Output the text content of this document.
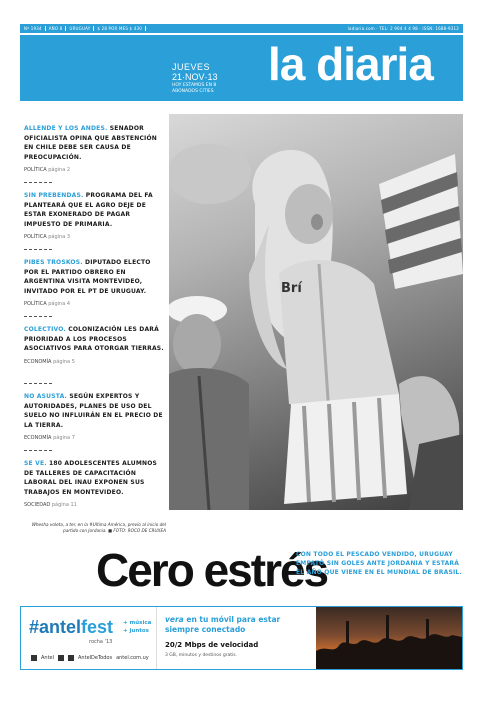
Nº 1934	AÑO 8	URUGUAY	$ 28 POR MES $ 430	ladiaria.com · TEL: 2 904 4 4 98 · ISSN: 1688-9312
JUEVES
21·NOV·13
HOY ESTAMOS EN 8 ABONADOS CITIES
la diaria
ALLENDE Y LOS ANDES. SENADOR OFICIALISTA OPINA QUE ABSTENCIÓN EN CHILE DEBE SER CAUSA DE PREOCUPACIÓN.
POLÍTICA página 2
SIN PREBENDAS. PROGRAMA DEL FA PLANTEARÁ QUE EL AGRO DEJE DE ESTAR EXONERADO DE PAGAR IMPUESTO DE PRIMARIA.
POLÍTICA página 3
PIBES TROSKOS. DIPUTADO ELECTO POR EL PARTIDO OBRERO EN ARGENTINA VISITA MONTEVIDEO, INVITADO POR EL PT DE URUGUAY.
POLÍTICA página 4
COLECTIVO. COLONIZACIÓN LES DARÁ PRIORIDAD A LOS PROCESOS ASOCIATIVOS PARA OTORGAR TIERRAS.
ECONOMÍA página 5
NO ASUSTA. SEGÚN EXPERTOS Y AUTORIDADES, PLANES DE USO DEL SUELO NO INFLUIRÁN EN EL PRECIO DE LA TIERRA.
ECONOMÍA página 7
SE VE. 180 ADOLESCENTES ALUMNOS DE TALLERES DE CAPACITACIÓN LABORAL DEL INAU EXPONEN SUS TRABAJOS EN MONTEVIDEO.
SOCIEDAD página 11
Brí
Whesha voleta, a ter, en la #Ultima América, previo al inicio del partido con Jordania. ■ FOTO: ROCO DE CRUXEA
Cero estrés
CON TODO EL PESCADO VENDIDO, URUGUAY EMPATÓ SIN GOLES ANTE JORDANIA Y ESTARÁ EL AÑO QUE VIENE EN EL MUNDIAL DE BRASIL.
#antelfest
rocha '13
+ música
+ juntos
Antel	AntelDeTodos antel.com.uy
vera en tu móvil para estar siempre conectado
20/2 Mbps de velocidad
3 GB, minutos y destinos gratis.
